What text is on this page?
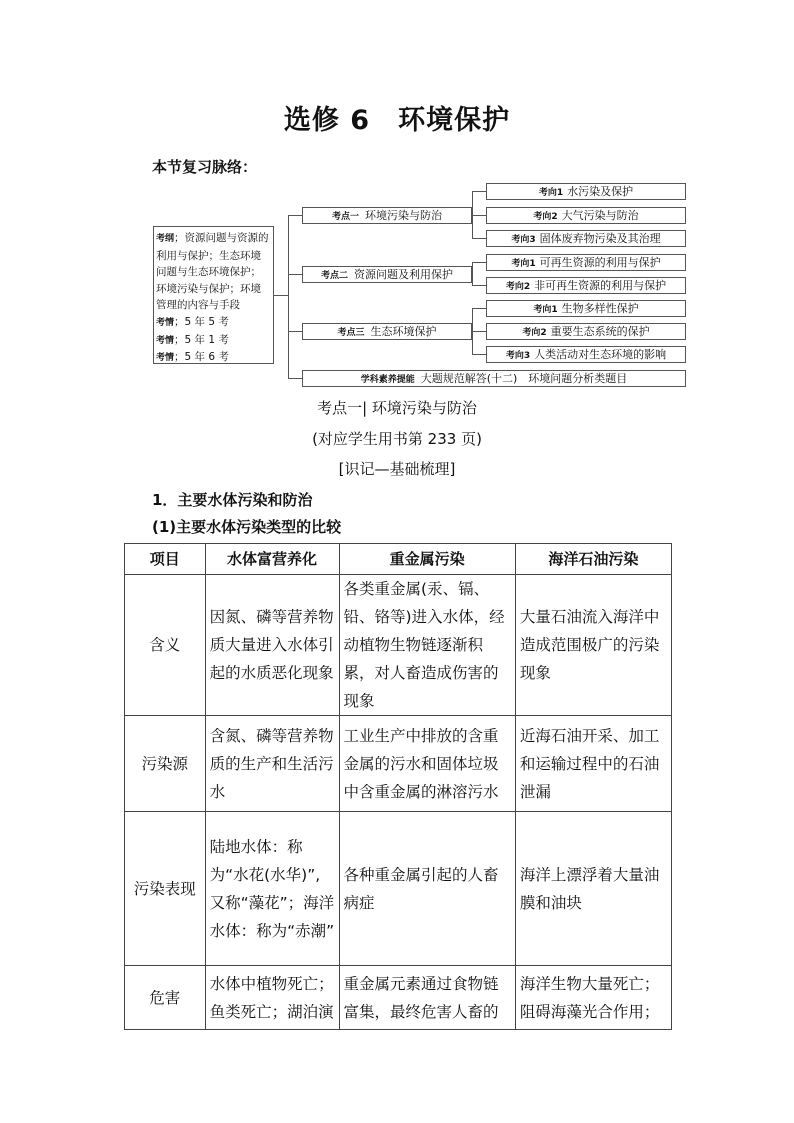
选修 6 环境保护
本节复习脉络：
考纲；资源问题与资源的利用与保护；生态环境问题与生态环境保护；环境污染与保护；环境管理的内容与手段
考情；5 年 5 考
考情；5 年 1 考
考情；5 年 6 考
考点一 环境污染与防治
考点二 资源问题及利用保护
考点三 生态环境保护
考向1 水污染及保护
考向2 大气污染与防治
考向3 固体废弃物污染及其治理
考向1 可再生资源的利用与保护
考向2 非可再生资源的利用与保护
考向1 生物多样性保护
考向2 重要生态系统的保护
考向3 人类活动对生态环境的影响
学科素养提能 大题规范解答(十二)　环境问题分析类题目
考点一| 环境污染与防治
(对应学生用书第 233 页)
[识记—基础梳理]
1．主要水体污染和防治
(1)主要水体污染类型的比较
项目	水体富营养化	重金属污染	海洋石油污染
含义	因氮、磷等营养物质大量进入水体引起的水质恶化现象	各类重金属(汞、镉、铅、铬等)进入水体，经动植物生物链逐渐积累，对人畜造成伤害的现象	大量石油流入海洋中造成范围极广的污染现象
污染源	含氮、磷等营养物质的生产和生活污水	工业生产中排放的含重金属的污水和固体垃圾中含重金属的淋溶污水	近海石油开采、加工和运输过程中的石油泄漏
污染表现	陆地水体：称为“水花(水华)”,又称“藻花”；海洋水体：称为“赤潮”	各种重金属引起的人畜病症	海洋上漂浮着大量油膜和油块
危害	水体中植物死亡；鱼类死亡；湖泊演	重金属元素通过食物链富集，最终危害人畜的	海洋生物大量死亡；阻碍海藻光合作用；
